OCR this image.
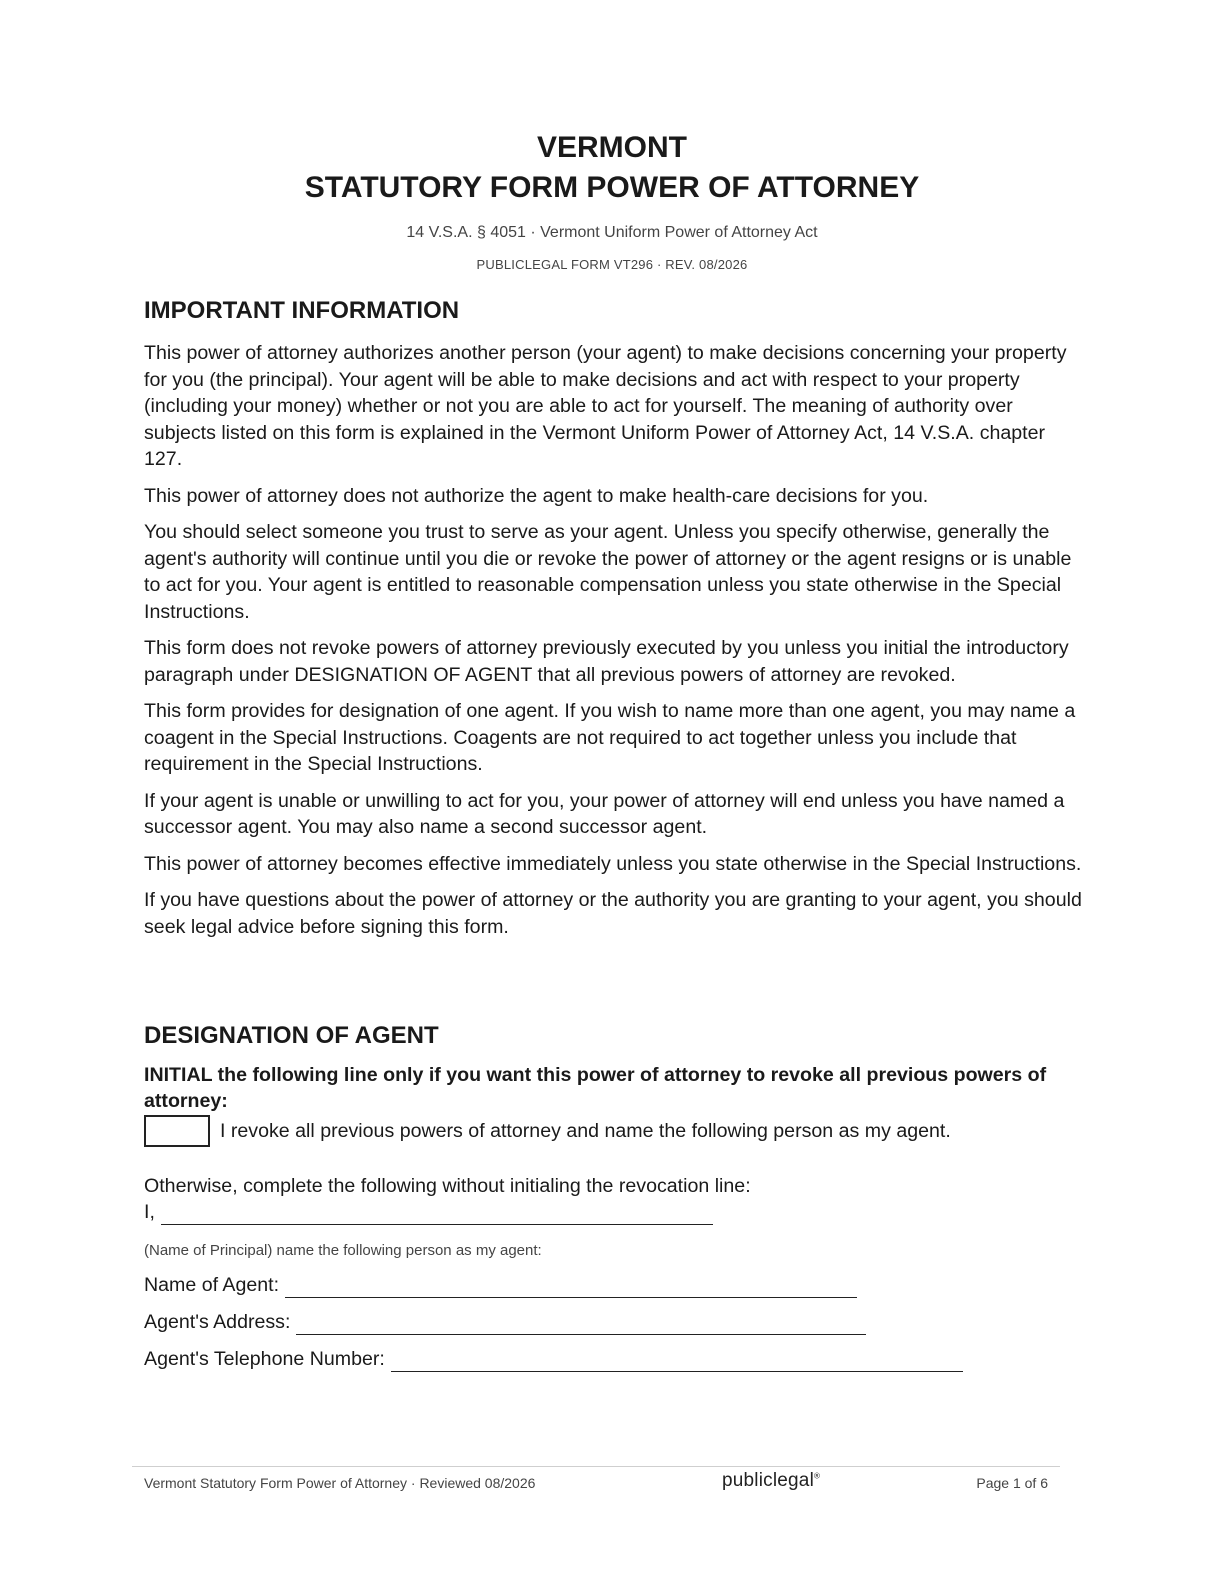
VERMONT

STATUTORY FORM POWER OF ATTORNEY

14 V.S.A. § 4051 · Vermont Uniform Power of Attorney Act
PUBLICLEGAL FORM VT296 · REV. 08/2026
IMPORTANT INFORMATION

This power of attorney authorizes another person (your agent) to make decisions concerning your property for you (the principal). Your agent will be able to make decisions and act with respect to your property (including your money) whether or not you are able to act for yourself. The meaning of authority over subjects listed on this form is explained in the Vermont Uniform Power of Attorney Act, 14 V.S.A. chapter 127.

This power of attorney does not authorize the agent to make health-care decisions for you.

You should select someone you trust to serve as your agent. Unless you specify otherwise, generally the agent's authority will continue until you die or revoke the power of attorney or the agent resigns or is unable to act for you. Your agent is entitled to reasonable compensation unless you state otherwise in the Special Instructions.

This form does not revoke powers of attorney previously executed by you unless you initial the introductory paragraph under DESIGNATION OF AGENT that all previous powers of attorney are revoked.

This form provides for designation of one agent. If you wish to name more than one agent, you may name a coagent in the Special Instructions. Coagents are not required to act together unless you include that requirement in the Special Instructions.

If your agent is unable or unwilling to act for you, your power of attorney will end unless you have named a successor agent. You may also name a second successor agent.

This power of attorney becomes effective immediately unless you state otherwise in the Special Instructions.

If you have questions about the power of attorney or the authority you are granting to your agent, you should seek legal advice before signing this form.

DESIGNATION OF AGENT

INITIAL the following line only if you want this power of attorney to revoke all previous powers of attorney:

I revoke all previous powers of attorney and name the following person as my agent.
Otherwise, complete the following without initialing the revocation line:
I,
(Name of Principal) name the following person as my agent:
Name of Agent:
Agent's Address:
Agent's Telephone Number:
Vermont Statutory Form Power of Attorney · Reviewed 08/2026	publiclegal®	Page 1 of 6
